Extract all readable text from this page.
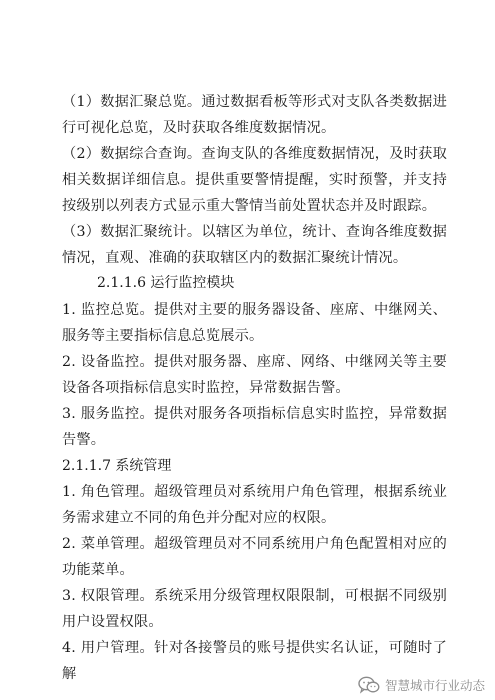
（1）数据汇聚总览。通过数据看板等形式对支队各类数据进行可视化总览，及时获取各维度数据情况。

（2）数据综合查询。查询支队的各维度数据情况，及时获取相关数据详细信息。提供重要警情提醒，实时预警，并支持按级别以列表方式显示重大警情当前处置状态并及时跟踪。

（3）数据汇聚统计。以辖区为单位，统计、查询各维度数据情况，直观、准确的获取辖区内的数据汇聚统计情况。

2.1.1.6 运行监控模块

1. 监控总览。提供对主要的服务器设备、座席、中继网关、服务等主要指标信息总览展示。

2. 设备监控。提供对服务器、座席、网络、中继网关等主要设备各项指标信息实时监控，异常数据告警。

3. 服务监控。提供对服务各项指标信息实时监控，异常数据告警。

2.1.1.7 系统管理

1. 角色管理。超级管理员对系统用户角色管理，根据系统业务需求建立不同的角色并分配对应的权限。

2. 菜单管理。超级管理员对不同系统用户角色配置相对应的功能菜单。

3. 权限管理。系统采用分级管理权限限制，可根据不同级别用户设置权限。

4. 用户管理。针对各接警员的账号提供实名认证，可随时了解

智慧城市行业动态
